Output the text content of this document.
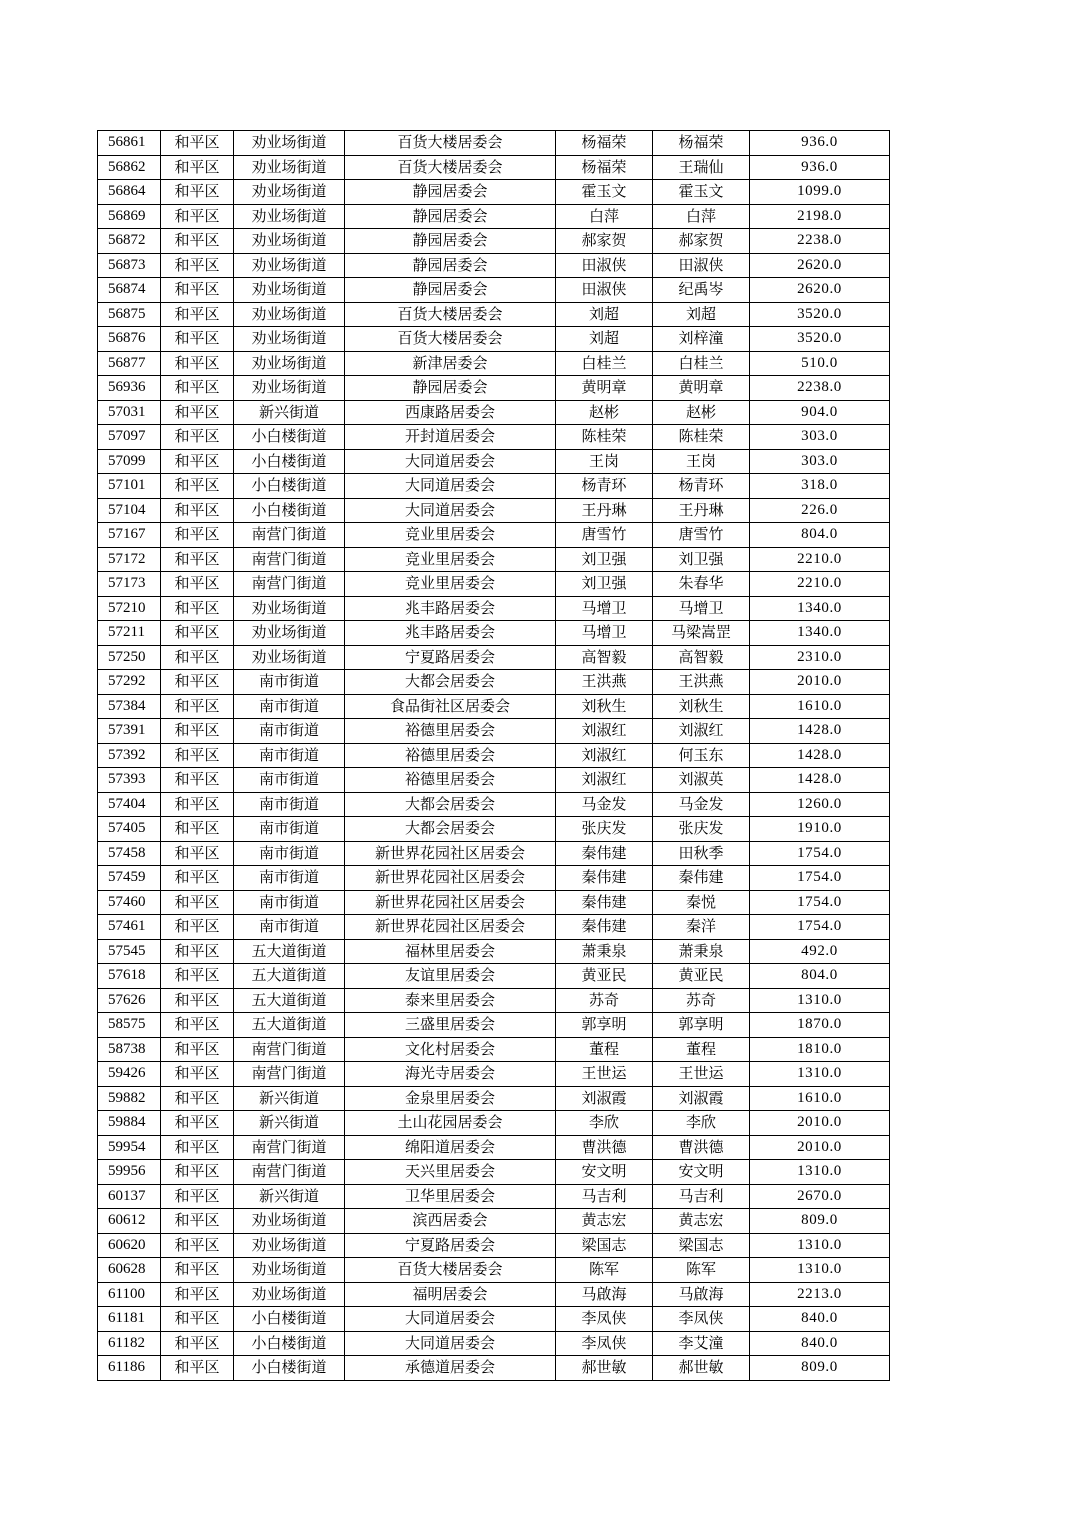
56861	和平区	劝业场街道	百货大楼居委会	杨福荣	杨福荣	936.0
56862	和平区	劝业场街道	百货大楼居委会	杨福荣	王瑞仙	936.0
56864	和平区	劝业场街道	静园居委会	霍玉文	霍玉文	1099.0
56869	和平区	劝业场街道	静园居委会	白萍	白萍	2198.0
56872	和平区	劝业场街道	静园居委会	郝家贺	郝家贺	2238.0
56873	和平区	劝业场街道	静园居委会	田淑侠	田淑侠	2620.0
56874	和平区	劝业场街道	静园居委会	田淑侠	纪禹岑	2620.0
56875	和平区	劝业场街道	百货大楼居委会	刘超	刘超	3520.0
56876	和平区	劝业场街道	百货大楼居委会	刘超	刘梓潼	3520.0
56877	和平区	劝业场街道	新津居委会	白桂兰	白桂兰	510.0
56936	和平区	劝业场街道	静园居委会	黄明章	黄明章	2238.0
57031	和平区	新兴街道	西康路居委会	赵彬	赵彬	904.0
57097	和平区	小白楼街道	开封道居委会	陈桂荣	陈桂荣	303.0
57099	和平区	小白楼街道	大同道居委会	王岗	王岗	303.0
57101	和平区	小白楼街道	大同道居委会	杨青环	杨青环	318.0
57104	和平区	小白楼街道	大同道居委会	王丹琳	王丹琳	226.0
57167	和平区	南营门街道	竞业里居委会	唐雪竹	唐雪竹	804.0
57172	和平区	南营门街道	竞业里居委会	刘卫强	刘卫强	2210.0
57173	和平区	南营门街道	竞业里居委会	刘卫强	朱春华	2210.0
57210	和平区	劝业场街道	兆丰路居委会	马增卫	马增卫	1340.0
57211	和平区	劝业场街道	兆丰路居委会	马增卫	马梁嵩罡	1340.0
57250	和平区	劝业场街道	宁夏路居委会	高智毅	高智毅	2310.0
57292	和平区	南市街道	大都会居委会	王洪燕	王洪燕	2010.0
57384	和平区	南市街道	食品街社区居委会	刘秋生	刘秋生	1610.0
57391	和平区	南市街道	裕德里居委会	刘淑红	刘淑红	1428.0
57392	和平区	南市街道	裕德里居委会	刘淑红	何玉东	1428.0
57393	和平区	南市街道	裕德里居委会	刘淑红	刘淑英	1428.0
57404	和平区	南市街道	大都会居委会	马金发	马金发	1260.0
57405	和平区	南市街道	大都会居委会	张庆发	张庆发	1910.0
57458	和平区	南市街道	新世界花园社区居委会	秦伟建	田秋季	1754.0
57459	和平区	南市街道	新世界花园社区居委会	秦伟建	秦伟建	1754.0
57460	和平区	南市街道	新世界花园社区居委会	秦伟建	秦悦	1754.0
57461	和平区	南市街道	新世界花园社区居委会	秦伟建	秦洋	1754.0
57545	和平区	五大道街道	福林里居委会	萧秉泉	萧秉泉	492.0
57618	和平区	五大道街道	友谊里居委会	黄亚民	黄亚民	804.0
57626	和平区	五大道街道	泰来里居委会	苏奇	苏奇	1310.0
58575	和平区	五大道街道	三盛里居委会	郭享明	郭享明	1870.0
58738	和平区	南营门街道	文化村居委会	董程	董程	1810.0
59426	和平区	南营门街道	海光寺居委会	王世运	王世运	1310.0
59882	和平区	新兴街道	金泉里居委会	刘淑霞	刘淑霞	1610.0
59884	和平区	新兴街道	土山花园居委会	李欣	李欣	2010.0
59954	和平区	南营门街道	绵阳道居委会	曹洪德	曹洪德	2010.0
59956	和平区	南营门街道	天兴里居委会	安文明	安文明	1310.0
60137	和平区	新兴街道	卫华里居委会	马吉利	马吉利	2670.0
60612	和平区	劝业场街道	滨西居委会	黄志宏	黄志宏	809.0
60620	和平区	劝业场街道	宁夏路居委会	梁国志	梁国志	1310.0
60628	和平区	劝业场街道	百货大楼居委会	陈军	陈军	1310.0
61100	和平区	劝业场街道	福明居委会	马啟海	马啟海	2213.0
61181	和平区	小白楼街道	大同道居委会	李凤侠	李凤侠	840.0
61182	和平区	小白楼街道	大同道居委会	李凤侠	李艾潼	840.0
61186	和平区	小白楼街道	承德道居委会	郝世敏	郝世敏	809.0
